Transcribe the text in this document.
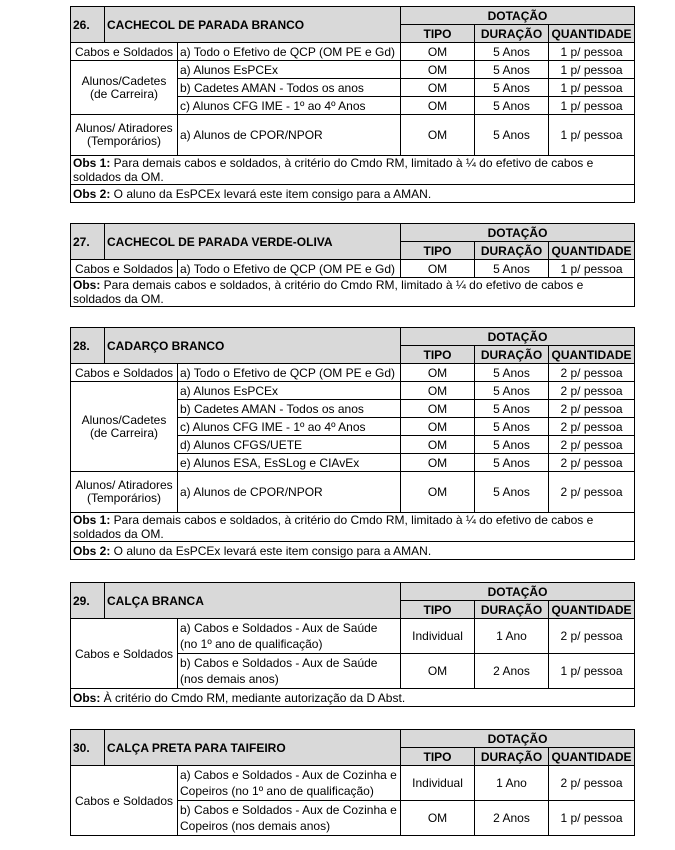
26.	CACHECOL DE PARADA BRANCO		DOTAÇÃO		
			TIPO	DURAÇÃO	QUANTIDADE
Cabos e Soldados		a) Todo o Efetivo de QCP (OM PE e Gd)	OM	5 Anos	1 p/ pessoa
Alunos/Cadetes (de Carreira)		a) Alunos EsPCEx	OM	5 Anos	1 p/ pessoa
		b) Cadetes AMAN - Todos os anos	OM	5 Anos	1 p/ pessoa
		c) Alunos CFG IME - 1º ao 4º Anos	OM	5 Anos	1 p/ pessoa
Alunos/ Atiradores (Temporários)		a) Alunos de CPOR/NPOR	OM	5 Anos	1 p/ pessoa
Obs 1: Para demais cabos e soldados, à critério do Cmdo RM, limitado à ¼ do efetivo de cabos e soldados da OM.					
Obs 2: O aluno da EsPCEx levará este item consigo para a AMAN.					
27.	CACHECOL DE PARADA VERDE-OLIVA		DOTAÇÃO		
			TIPO	DURAÇÃO	QUANTIDADE
Cabos e Soldados		a) Todo o Efetivo de QCP (OM PE e Gd)	OM	5 Anos	1 p/ pessoa
Obs: Para demais cabos e soldados, à critério do Cmdo RM, limitado à ¼ do efetivo de cabos e soldados da OM.					
28.	CADARÇO BRANCO		DOTAÇÃO		
			TIPO	DURAÇÃO	QUANTIDADE
Cabos e Soldados		a) Todo o Efetivo de QCP (OM PE e Gd)	OM	5 Anos	2 p/ pessoa
Alunos/Cadetes (de Carreira)		a) Alunos EsPCEx	OM	5 Anos	2 p/ pessoa
		b) Cadetes AMAN - Todos os anos	OM	5 Anos	2 p/ pessoa
		c) Alunos CFG IME - 1º ao 4º Anos	OM	5 Anos	2 p/ pessoa
		d) Alunos CFGS/UETE	OM	5 Anos	2 p/ pessoa
		e) Alunos ESA, EsSLog e CIAvEx	OM	5 Anos	2 p/ pessoa
Alunos/ Atiradores (Temporários)		a) Alunos de CPOR/NPOR	OM	5 Anos	2 p/ pessoa
Obs 1: Para demais cabos e soldados, à critério do Cmdo RM, limitado à ¼ do efetivo de cabos e soldados da OM.					
Obs 2: O aluno da EsPCEx levará este item consigo para a AMAN.					
29.	CALÇA BRANCA		DOTAÇÃO		
			TIPO	DURAÇÃO	QUANTIDADE
Cabos e Soldados		a) Cabos e Soldados - Aux de Saúde (no 1º ano de qualificação)	Individual	1 Ano	2 p/ pessoa
		b) Cabos e Soldados - Aux de Saúde (nos demais anos)	OM	2 Anos	1 p/ pessoa
Obs: À critério do Cmdo RM, mediante autorização da D Abst.					
30.	CALÇA PRETA PARA TAIFEIRO		DOTAÇÃO		
			TIPO	DURAÇÃO	QUANTIDADE
Cabos e Soldados		a) Cabos e Soldados - Aux de Cozinha e Copeiros (no 1º ano de qualificação)	Individual	1 Ano	2 p/ pessoa
		b) Cabos e Soldados - Aux de Cozinha e Copeiros (nos demais anos)	OM	2 Anos	1 p/ pessoa
